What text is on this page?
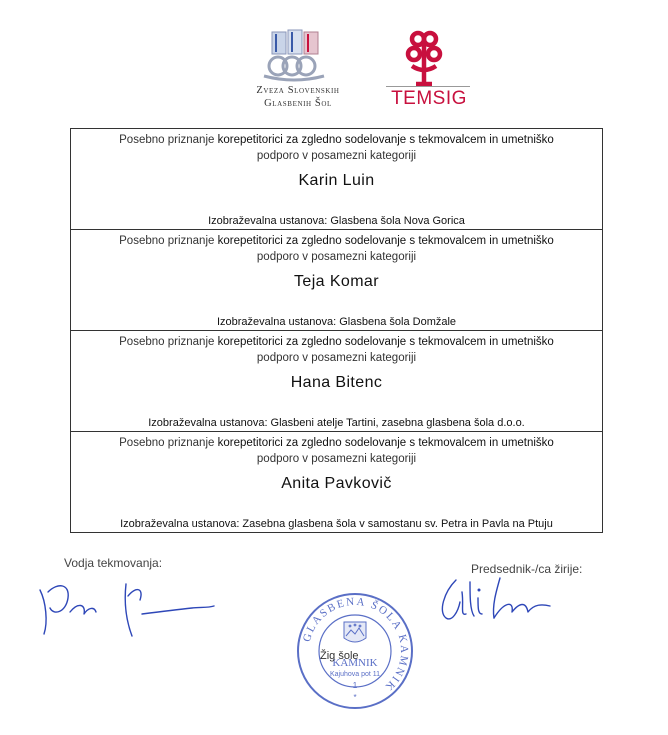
Zveza Slovenskih
Glasbenih Šol	TEMSIG
Posebno priznanje korepetitorici za zgledno sodelovanje s tekmovalcem in umetniško
podporo v posamezni kategoriji
Karin Luin
Izobraževalna ustanova: Glasbena šola Nova Gorica
Posebno priznanje korepetitorici za zgledno sodelovanje s tekmovalcem in umetniško
podporo v posamezni kategoriji
Teja Komar
Izobraževalna ustanova: Glasbena šola Domžale
Posebno priznanje korepetitorici za zgledno sodelovanje s tekmovalcem in umetniško
podporo v posamezni kategoriji
Hana Bitenc
Izobraževalna ustanova: Glasbeni atelje Tartini, zasebna glasbena šola d.o.o.
Posebno priznanje korepetitorici za zgledno sodelovanje s tekmovalcem in umetniško
podporo v posamezni kategoriji
Anita Pavkovič
Izobraževalna ustanova: Zasebna glasbena šola v samostanu sv. Petra in Pavla na Ptuju
Vodja tekmovanja:	Predsednik-/ca žirije:
GLASBENA ŠOLA KAMNIK
KAMNIK
Kajuhova pot 11
1
*
Žig šole
